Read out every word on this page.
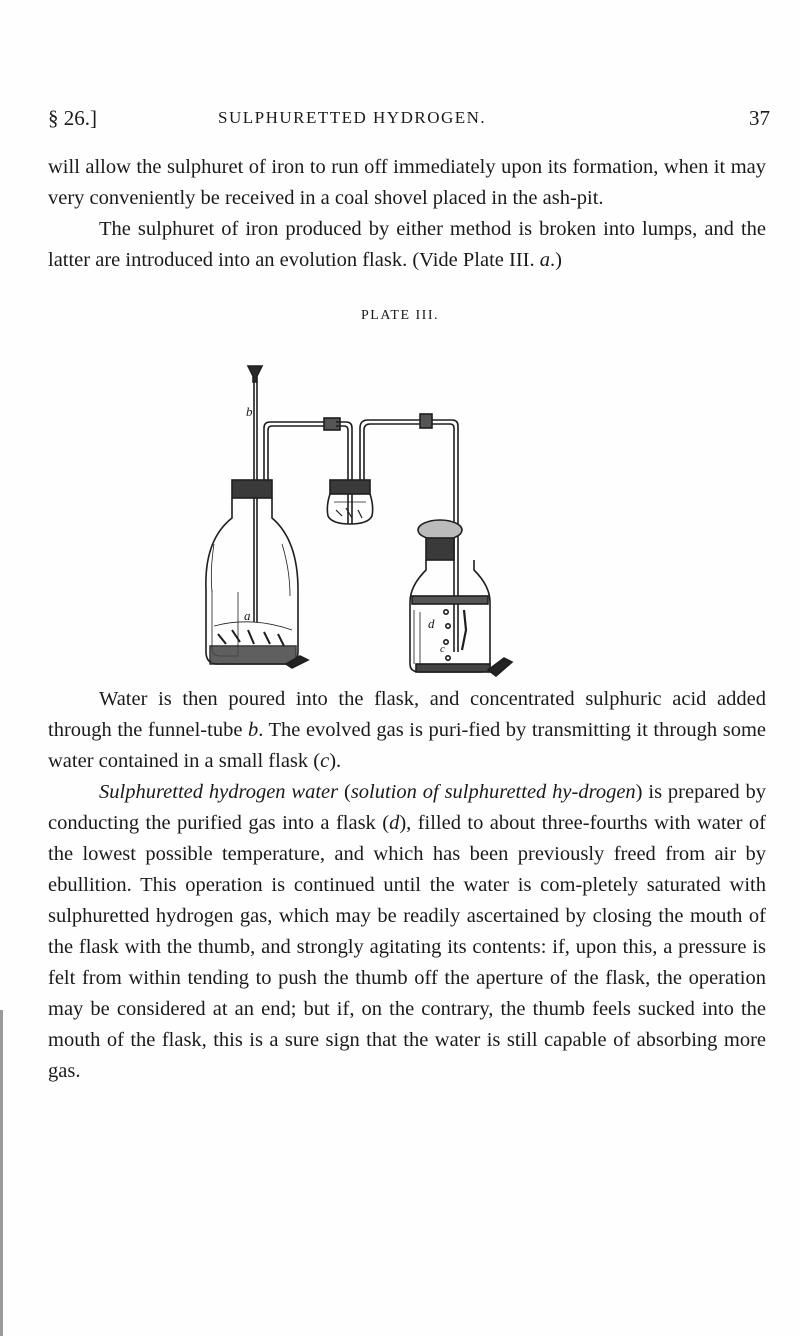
§ 26.]	SULPHURETTED HYDROGEN.	37

will allow the sulphuret of iron to run off immediately upon its formation, when it may very conveniently be received in a coal shovel placed in the ash-pit.

The sulphuret of iron produced by either method is broken into lumps, and the latter are introduced into an evolution flask. (Vide Plate III. a.)

PLATE III.
b
a
c
d

Water is then poured into the flask, and concentrated sulphuric acid added through the funnel-tube b. The evolved gas is puri-fied by transmitting it through some water contained in a small flask (c).

Sulphuretted hydrogen water (solution of sulphuretted hy-drogen) is prepared by conducting the purified gas into a flask (d), filled to about three-fourths with water of the lowest possible temperature, and which has been previously freed from air by ebullition. This operation is continued until the water is com-pletely saturated with sulphuretted hydrogen gas, which may be readily ascertained by closing the mouth of the flask with the thumb, and strongly agitating its contents: if, upon this, a pressure is felt from within tending to push the thumb off the aperture of the flask, the operation may be considered at an end; but if, on the contrary, the thumb feels sucked into the mouth of the flask, this is a sure sign that the water is still capable of absorbing more gas.
